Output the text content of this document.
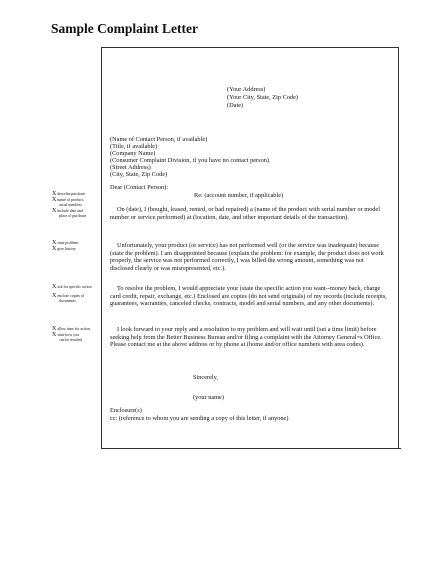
Sample Complaint Letter
(Your Address)
(Your City, State, Zip Code)
(Date)
(Name of Contact Person, if available)
(Title, if available)
(Company Name)
(Consumer Complaint Division, if you have no contact person)
(Street Address)
(City, State, Zip Code)
Dear (Contact Person):
Re: (account number, if applicable)
On (date), I (bought, leased, rented, or had repaired) a (name of the product with serial number or model number or service performed) at (location, date, and other important details of the transaction).
Unfortunately, your product (or service) has not performed well (or the service was inadequate) because (state the problem). I am disappointed because (explain the problem: for example, the product does not work properly, the service was not performed correctly, I was billed the wrong amount, something was not disclosed clearly or was misrepresented, etc.).
To resolve the problem, I would appreciate your (state the specific action you want--money back, charge card credit, repair, exchange, etc.) Enclosed are copies (do not send originals) of my records (include receipts, guarantees, warranties, canceled checks, contracts, model and serial numbers, and any other documents).
I look forward to your reply and a resolution to my problem and will wait until (set a time limit) before seeking help from the Better Business Bureau and/or filing a complaint with the Attorney General=s Office. Please contact me at the above address or by phone at (home and/or office numbers with area codes).
Sincerely,
(your name)
Enclosure(s)
cc: (reference to whom you are sending a copy of this letter, if anyone)
X describe purchase
X name of product,
serial numbers
X include date and
place of purchase
X state problem
X give history
X ask for specific action
X enclose copies of
documents
X allow time for action
X state how you
can be reached
